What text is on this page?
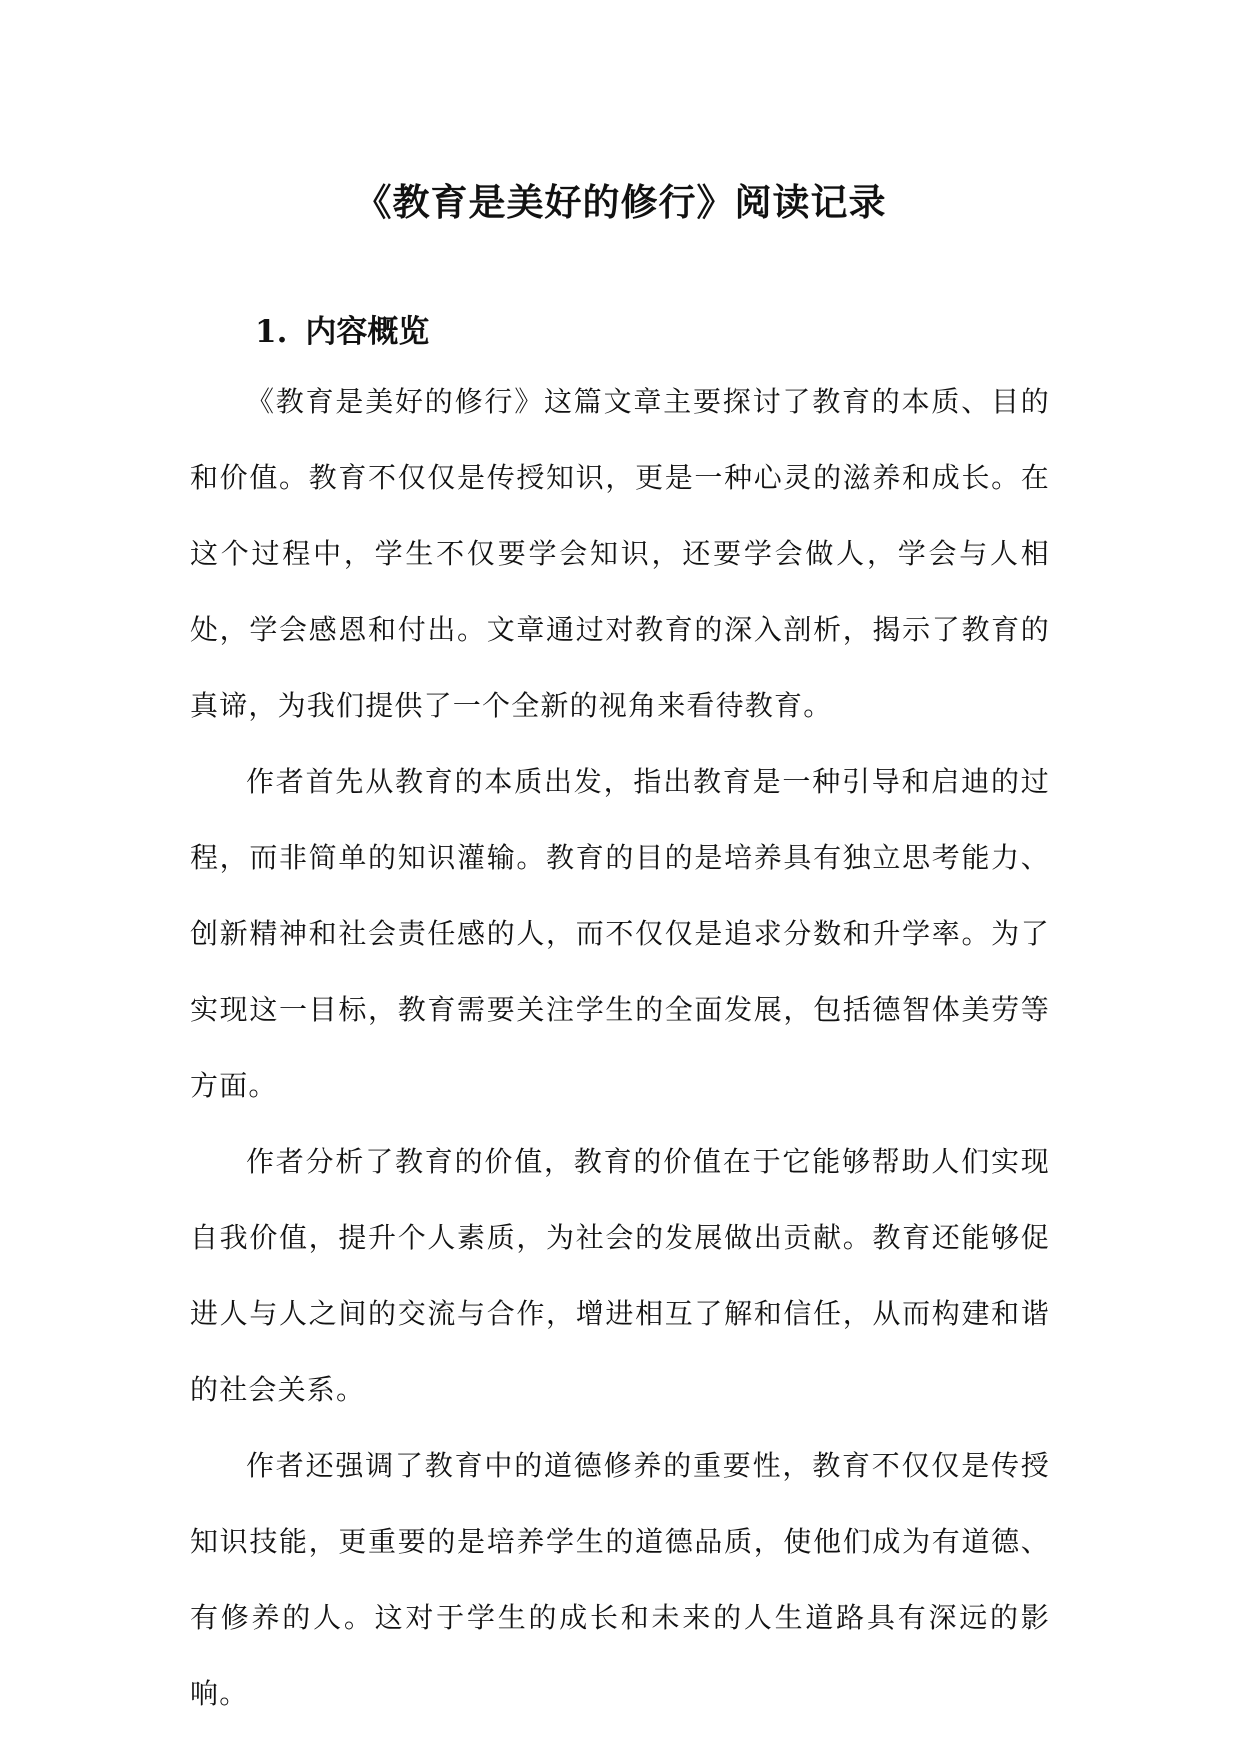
《教育是美好的修行》阅读记录
1. 内容概览

《教育是美好的修行》这篇文章主要探讨了教育的本质、目的和价值。教育不仅仅是传授知识，更是一种心灵的滋养和成长。在这个过程中，学生不仅要学会知识，还要学会做人，学会与人相处，学会感恩和付出。文章通过对教育的深入剖析，揭示了教育的真谛，为我们提供了一个全新的视角来看待教育。

作者首先从教育的本质出发，指出教育是一种引导和启迪的过程，而非简单的知识灌输。教育的目的是培养具有独立思考能力、创新精神和社会责任感的人，而不仅仅是追求分数和升学率。为了实现这一目标，教育需要关注学生的全面发展，包括德智体美劳等方面。

作者分析了教育的价值，教育的价值在于它能够帮助人们实现自我价值，提升个人素质，为社会的发展做出贡献。教育还能够促进人与人之间的交流与合作，增进相互了解和信任，从而构建和谐的社会关系。

作者还强调了教育中的道德修养的重要性，教育不仅仅是传授知识技能，更重要的是培养学生的道德品质，使他们成为有道德、有修养的人。这对于学生的成长和未来的人生道路具有深远的影响。
